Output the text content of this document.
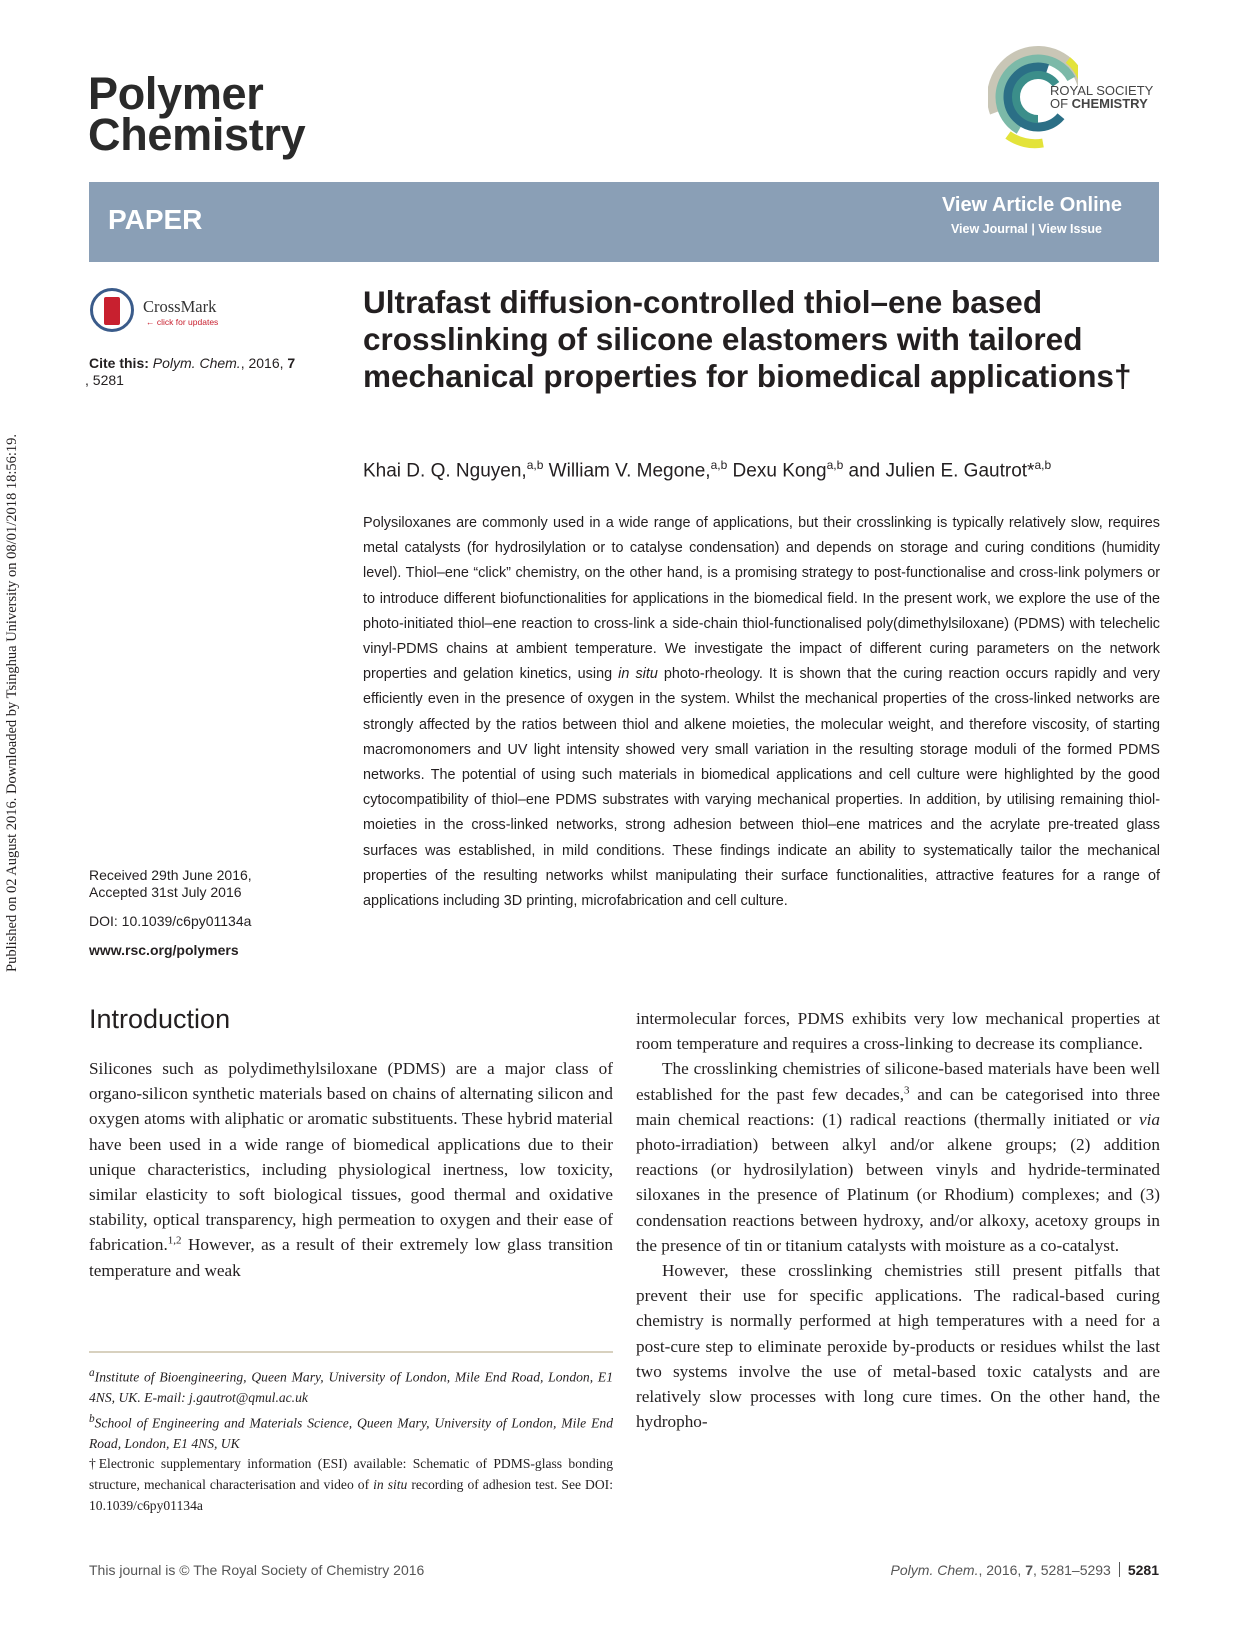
Published on 02 August 2016. Downloaded by Tsinghua University on 08/01/2018 18:56:19.
Polymer
Chemistry
ROYAL SOCIETY
OF CHEMISTRY
PAPER	View Article Online
View Journal | View Issue
CrossMark
← click for updates
Cite this: Polym. Chem., 2016, 7
, 5281
Received 29th June 2016,
Accepted 31st July 2016
DOI: 10.1039/c6py01134a
www.rsc.org/polymers
Ultrafast diffusion-controlled thiol–ene based crosslinking of silicone elastomers with tailored mechanical properties for biomedical applications†
Khai D. Q. Nguyen,$^{a,b}$ William V. Megone,$^{a,b}$ Dexu Kong$^{a,b}$ and Julien E. Gautrot*$^{a,b}$
Polysiloxanes are commonly used in a wide range of applications, but their crosslinking is typically relatively slow, requires metal catalysts (for hydrosilylation or to catalyse condensation) and depends on storage and curing conditions (humidity level). Thiol–ene “click” chemistry, on the other hand, is a promising strategy to post-functionalise and cross-link polymers or to introduce different biofunctionalities for applications in the biomedical field. In the present work, we explore the use of the photo-initiated thiol–ene reaction to cross-link a side-chain thiol-functionalised poly(dimethylsiloxane) (PDMS) with telechelic vinyl-PDMS chains at ambient temperature. We investigate the impact of different curing parameters on the network properties and gelation kinetics, using in situ photo-rheology. It is shown that the curing reaction occurs rapidly and very efficiently even in the presence of oxygen in the system. Whilst the mechanical properties of the cross-linked networks are strongly affected by the ratios between thiol and alkene moieties, the molecular weight, and therefore viscosity, of starting macromonomers and UV light intensity showed very small variation in the resulting storage moduli of the formed PDMS networks. The potential of using such materials in biomedical applications and cell culture were highlighted by the good cytocompatibility of thiol–ene PDMS substrates with varying mechanical properties. In addition, by utilising remaining thiol-moieties in the cross-linked networks, strong adhesion between thiol–ene matrices and the acrylate pre-treated glass surfaces was established, in mild conditions. These findings indicate an ability to systematically tailor the mechanical properties of the resulting networks whilst manipulating their surface functionalities, attractive features for a range of applications including 3D printing, microfabrication and cell culture.
Introduction

Silicones such as polydimethylsiloxane (PDMS) are a major class of organo-silicon synthetic materials based on chains of alternating silicon and oxygen atoms with aliphatic or aromatic substituents. These hybrid material have been used in a wide range of biomedical applications due to their unique characteristics, including physiological inertness, low toxicity, similar elasticity to soft biological tissues, good thermal and oxidative stability, optical transparency, high permeation to oxygen and their ease of fabrication.$^{1,2}$ However, as a result of their extremely low glass transition temperature and weak

$^a$Institute of Bioengineering, Queen Mary, University of London, Mile End Road, London, E1 4NS, UK. E-mail: j.gautrot@qmul.ac.uk

$^b$School of Engineering and Materials Science, Queen Mary, University of London, Mile End Road, London, E1 4NS, UK

†Electronic supplementary information (ESI) available: Schematic of PDMS-glass bonding structure, mechanical characterisation and video of in situ recording of adhesion test. See DOI: 10.1039/c6py01134a

intermolecular forces, PDMS exhibits very low mechanical properties at room temperature and requires a cross-linking to decrease its compliance.

The crosslinking chemistries of silicone-based materials have been well established for the past few decades,$^3$ and can be categorised into three main chemical reactions: (1) radical reactions (thermally initiated or via photo-irradiation) between alkyl and/or alkene groups; (2) addition reactions (or hydrosilylation) between vinyls and hydride-terminated siloxanes in the presence of Platinum (or Rhodium) complexes; and (3) condensation reactions between hydroxy, and/or alkoxy, acetoxy groups in the presence of tin or titanium catalysts with moisture as a co-catalyst.

However, these crosslinking chemistries still present pitfalls that prevent their use for specific applications. The radical-based curing chemistry is normally performed at high temperatures with a need for a post-cure step to eliminate peroxide by-products or residues whilst the last two systems involve the use of metal-based toxic catalysts and are relatively slow processes with long cure times. On the other hand, the hydropho-

This journal is © The Royal Society of Chemistry 2016	Polym. Chem., 2016, 7, 5281–5293 5281
